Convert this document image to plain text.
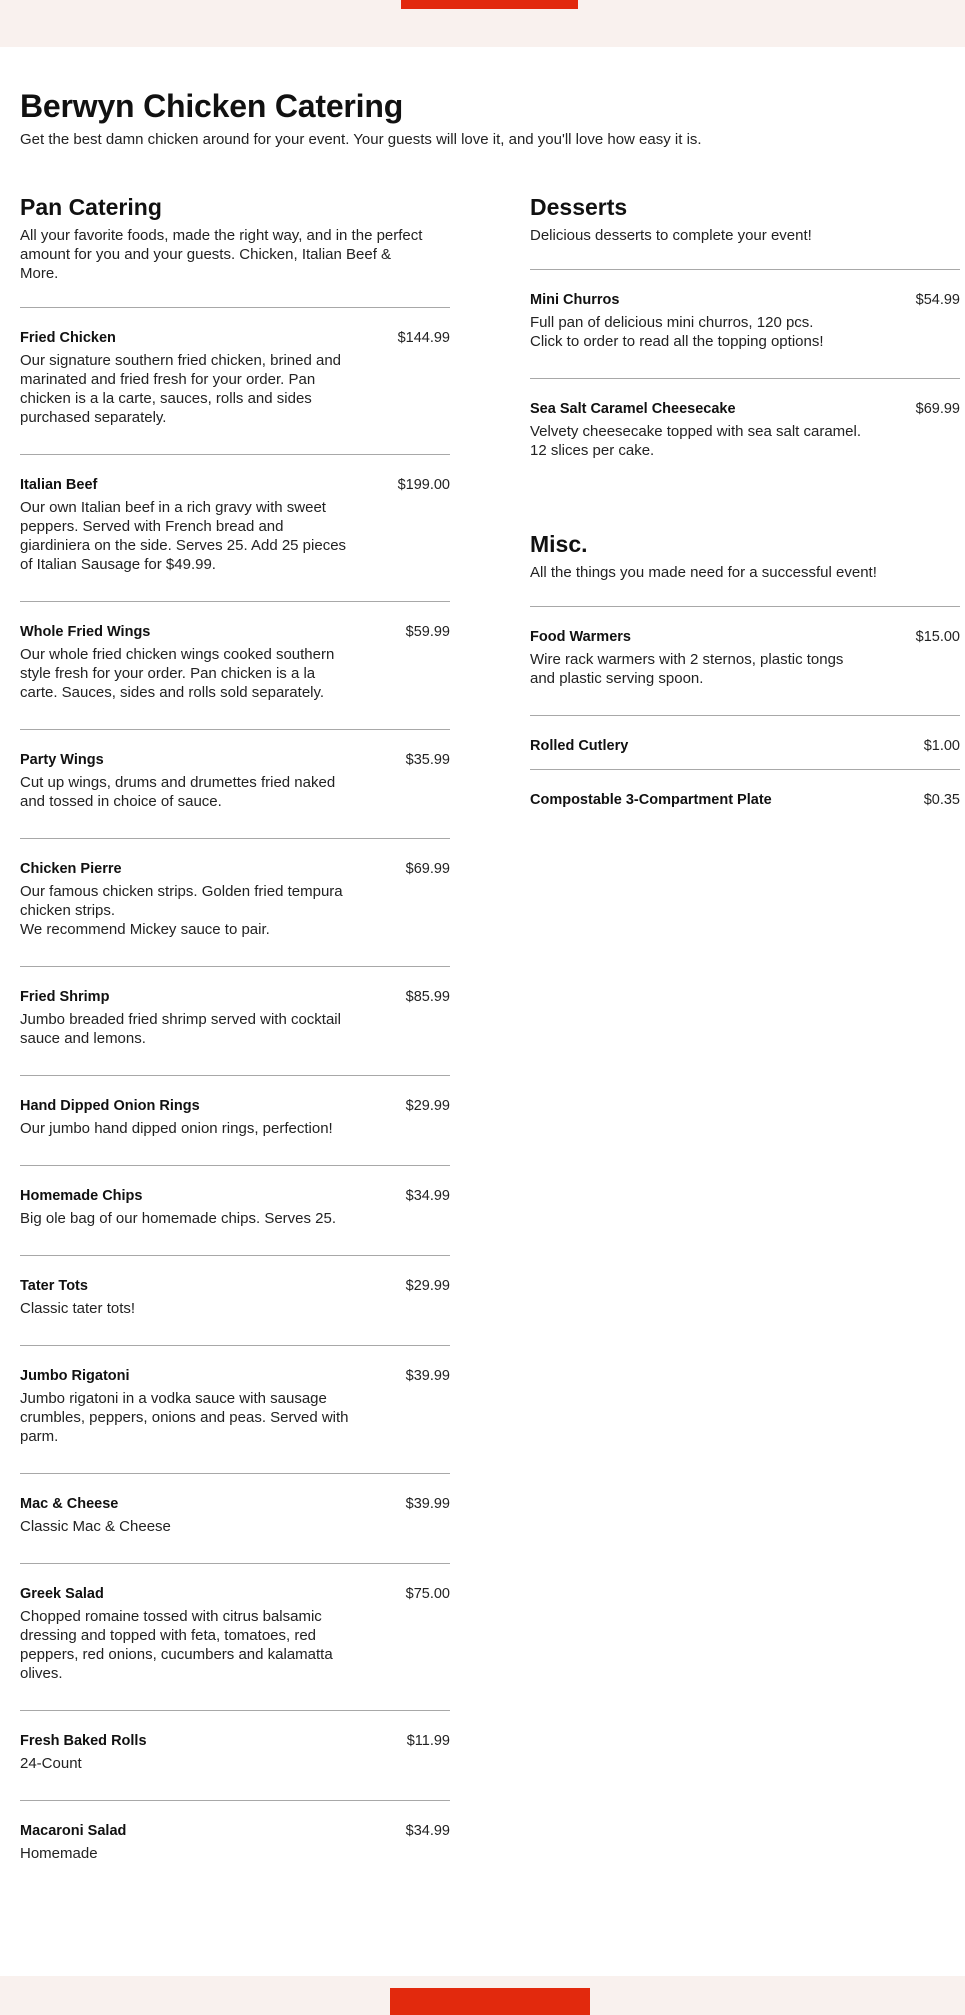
Berwyn Chicken Catering

Get the best damn chicken around for your event. Your guests will love it, and you'll love how easy it is.

Pan Catering

All your favorite foods, made the right way, and in the perfect amount for you and your guests. Chicken, Italian Beef & More.

Fried Chicken	$144.99

Our signature southern fried chicken, brined and marinated and fried fresh for your order. Pan chicken is a la carte, sauces, rolls and sides purchased separately.

Italian Beef	$199.00

Our own Italian beef in a rich gravy with sweet peppers. Served with French bread and giardiniera on the side. Serves 25. Add 25 pieces of Italian Sausage for $49.99.

Whole Fried Wings	$59.99

Our whole fried chicken wings cooked southern style fresh for your order. Pan chicken is a la carte. Sauces, sides and rolls sold separately.

Party Wings	$35.99

Cut up wings, drums and drumettes fried naked and tossed in choice of sauce.

Chicken Pierre	$69.99

Our famous chicken strips. Golden fried tempura chicken strips.
We recommend Mickey sauce to pair.

Fried Shrimp	$85.99

Jumbo breaded fried shrimp served with cocktail sauce and lemons.

Hand Dipped Onion Rings	$29.99

Our jumbo hand dipped onion rings, perfection!

Homemade Chips	$34.99

Big ole bag of our homemade chips. Serves 25.

Tater Tots	$29.99

Classic tater tots!

Jumbo Rigatoni	$39.99

Jumbo rigatoni in a vodka sauce with sausage crumbles, peppers, onions and peas. Served with parm.

Mac & Cheese	$39.99

Classic Mac & Cheese

Greek Salad	$75.00

Chopped romaine tossed with citrus balsamic dressing and topped with feta, tomatoes, red peppers, red onions, cucumbers and kalamatta olives.

Fresh Baked Rolls	$11.99

24-Count

Macaroni Salad	$34.99

Homemade

Desserts

Delicious desserts to complete your event!

Mini Churros	$54.99

Full pan of delicious mini churros, 120 pcs.
Click to order to read all the topping options!

Sea Salt Caramel Cheesecake	$69.99

Velvety cheesecake topped with sea salt caramel. 12 slices per cake.

Misc.

All the things you made need for a successful event!

Food Warmers	$15.00

Wire rack warmers with 2 sternos, plastic tongs and plastic serving spoon.

Rolled Cutlery	$1.00
Compostable 3-Compartment Plate	$0.35
